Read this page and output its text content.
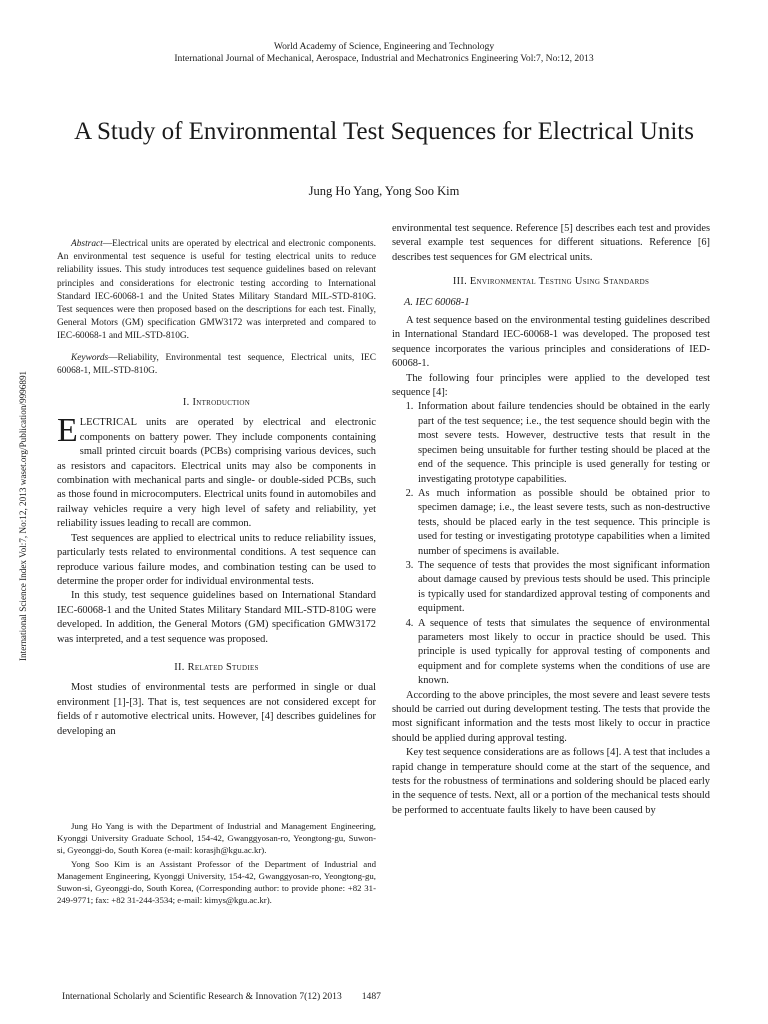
World Academy of Science, Engineering and Technology
International Journal of Mechanical, Aerospace, Industrial and Mechatronics Engineering Vol:7, No:12, 2013
A Study of Environmental Test Sequences for Electrical Units
Jung Ho Yang, Yong Soo Kim
International Science Index Vol:7, No:12, 2013 waset.org/Publication/9996891

Abstract—Electrical units are operated by electrical and electronic components. An environmental test sequence is useful for testing electrical units to reduce reliability issues. This study introduces test sequence guidelines based on relevant principles and considerations for electronic testing according to International Standard IEC-60068-1 and the United States Military Standard MIL-STD-810G. Test sequences were then proposed based on the descriptions for each test. Finally, General Motors (GM) specification GMW3172 was interpreted and compared to IEC-60068-1 and MIL-STD-810G.

Keywords—Reliability, Environmental test sequence, Electrical units, IEC 60068-1, MIL-STD-810G.

I. Introduction

ELECTRICAL units are operated by electrical and electronic components on battery power. They include components containing small printed circuit boards (PCBs) comprising various devices, such as resistors and capacitors. Electrical units may also be components in combination with mechanical parts and single- or double-sided PCBs, such as those found in microcomputers. Electrical units found in automobiles and railway vehicles require a very high level of safety and reliability, yet reliability issues leading to recall are common.

Test sequences are applied to electrical units to reduce reliability issues, particularly tests related to environmental conditions. A test sequence can reproduce various failure modes, and combination testing can be used to determine the proper order for individual environmental tests.

In this study, test sequence guidelines based on International Standard IEC-60068-1 and the United States Military Standard MIL-STD-810G were developed. In addition, the General Motors (GM) specification GMW3172 was interpreted, and a test sequence was proposed.

II. Related Studies

Most studies of environmental tests are performed in single or dual environment [1]-[3]. That is, test sequences are not considered except for fields of r automotive electrical units. However, [4] describes guidelines for developing an

Jung Ho Yang is with the Department of Industrial and Management Engineering, Kyonggi University Graduate School, 154-42, Gwanggyosan-ro, Yeongtong-gu, Suwon-si, Gyeonggi-do, South Korea (e-mail: korasjh@kgu.ac.kr).

Yong Soo Kim is an Assistant Professor of the Department of Industrial and Management Engineering, Kyonggi University, 154-42, Gwanggyosan-ro, Yeongtong-gu, Suwon-si, Gyeonggi-do, South Korea, (Corresponding author: to provide phone: +82 31-249-9771; fax: +82 31-244-3534; e-mail: kimys@kgu.ac.kr).

environmental test sequence. Reference [5] describes each test and provides several example test sequences for different situations. Reference [6] describes test sequences for GM electrical units.

III. Environmental Testing Using Standards
A. IEC 60068-1

A test sequence based on the environmental testing guidelines described in International Standard IEC-60068-1 was developed. The proposed test sequence incorporates the various principles and considerations of IED-60068-1.

The following four principles were applied to the developed test sequence [4]:

1. Information about failure tendencies should be obtained in the early part of the test sequence; i.e., the test sequence should begin with the most severe tests. However, destructive tests that result in the specimen being unsuitable for further testing should be placed at the end of the sequence. This principle is used generally for testing or investigating prototype capabilities.
2. As much information as possible should be obtained prior to specimen damage; i.e., the least severe tests, such as non-destructive tests, should be placed early in the test sequence. This principle is used for testing or investigating prototype capabilities when a limited number of specimens is available.
3. The sequence of tests that provides the most significant information about damage caused by previous tests should be used. This principle is typically used for standardized approval testing of components and equipment.
4. A sequence of tests that simulates the sequence of environmental parameters most likely to occur in practice should be used. This principle is used typically for approval testing of components and equipment and for complete systems when the conditions of use are known.

According to the above principles, the most severe and least severe tests should be carried out during development testing. The tests that provide the most significant information and the tests most likely to occur in practice should be applied during approval testing.

Key test sequence considerations are as follows [4]. A test that includes a rapid change in temperature should come at the start of the sequence, and tests for the robustness of terminations and soldering should be placed early in the sequence of tests. Next, all or a portion of the mechanical tests should be performed to accentuate faults likely to have been caused by

International Scholarly and Scientific Research & Innovation 7(12) 2013 1487
